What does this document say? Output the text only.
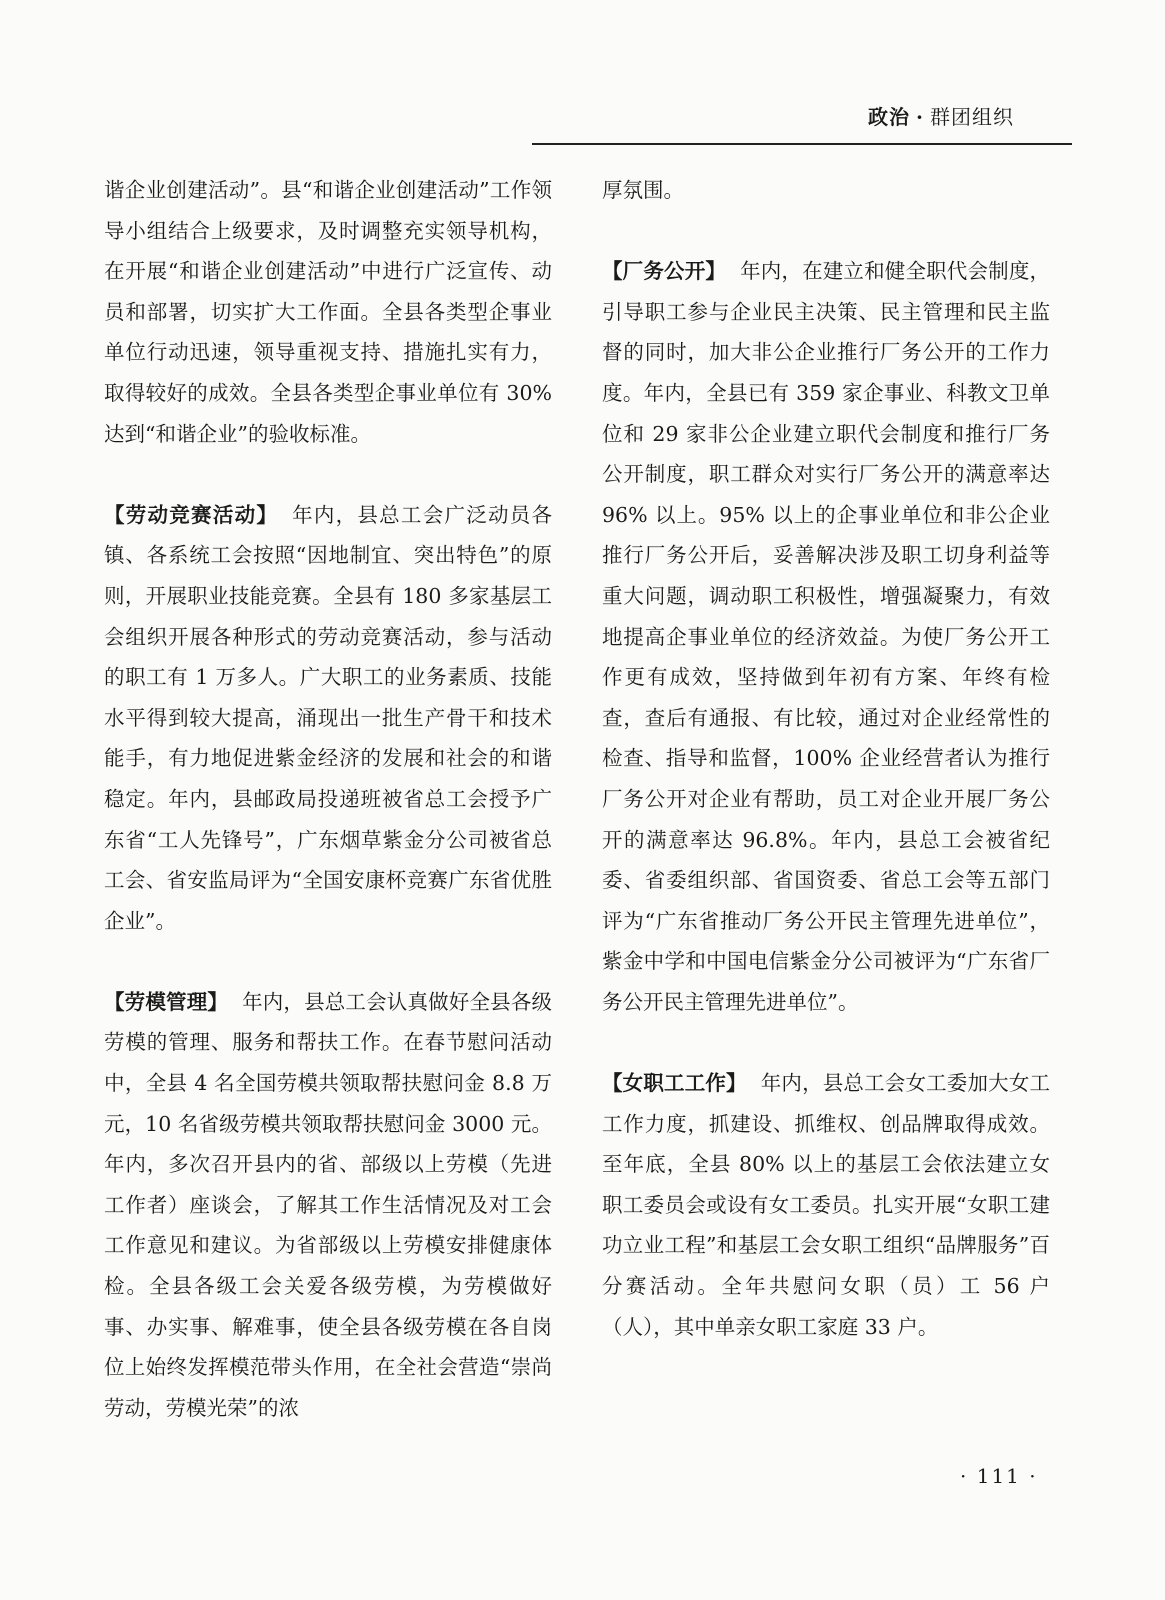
政治 · 群团组织

谐企业创建活动”。县“和谐企业创建活动”工作领导小组结合上级要求，及时调整充实领导机构，在开展“和谐企业创建活动”中进行广泛宣传、动员和部署，切实扩大工作面。全县各类型企事业单位行动迅速，领导重视支持、措施扎实有力，取得较好的成效。全县各类型企事业单位有 30% 达到“和谐企业”的验收标准。

【劳动竞赛活动】 年内，县总工会广泛动员各镇、各系统工会按照“因地制宜、突出特色”的原则，开展职业技能竞赛。全县有 180 多家基层工会组织开展各种形式的劳动竞赛活动，参与活动的职工有 1 万多人。广大职工的业务素质、技能水平得到较大提高，涌现出一批生产骨干和技术能手，有力地促进紫金经济的发展和社会的和谐稳定。年内，县邮政局投递班被省总工会授予广东省“工人先锋号”，广东烟草紫金分公司被省总工会、省安监局评为“全国安康杯竞赛广东省优胜企业”。

【劳模管理】 年内，县总工会认真做好全县各级劳模的管理、服务和帮扶工作。在春节慰问活动中，全县 4 名全国劳模共领取帮扶慰问金 8.8 万元，10 名省级劳模共领取帮扶慰问金 3000 元。年内，多次召开县内的省、部级以上劳模（先进工作者）座谈会，了解其工作生活情况及对工会工作意见和建议。为省部级以上劳模安排健康体检。全县各级工会关爱各级劳模，为劳模做好事、办实事、解难事，使全县各级劳模在各自岗位上始终发挥模范带头作用，在全社会营造“崇尚劳动，劳模光荣”的浓

厚氛围。

【厂务公开】 年内，在建立和健全职代会制度，引导职工参与企业民主决策、民主管理和民主监督的同时，加大非公企业推行厂务公开的工作力度。年内，全县已有 359 家企事业、科教文卫单位和 29 家非公企业建立职代会制度和推行厂务公开制度，职工群众对实行厂务公开的满意率达 96% 以上。95% 以上的企事业单位和非公企业推行厂务公开后，妥善解决涉及职工切身利益等重大问题，调动职工积极性，增强凝聚力，有效地提高企事业单位的经济效益。为使厂务公开工作更有成效，坚持做到年初有方案、年终有检查，查后有通报、有比较，通过对企业经常性的检查、指导和监督，100% 企业经营者认为推行厂务公开对企业有帮助，员工对企业开展厂务公开的满意率达 96.8%。年内，县总工会被省纪委、省委组织部、省国资委、省总工会等五部门评为“广东省推动厂务公开民主管理先进单位”，紫金中学和中国电信紫金分公司被评为“广东省厂务公开民主管理先进单位”。

【女职工工作】 年内，县总工会女工委加大女工工作力度，抓建设、抓维权、创品牌取得成效。至年底，全县 80% 以上的基层工会依法建立女职工委员会或设有女工委员。扎实开展“女职工建功立业工程”和基层工会女职工组织“品牌服务”百分赛活动。全年共慰问女职（员）工 56 户（人），其中单亲女职工家庭 33 户。

· 111 ·
